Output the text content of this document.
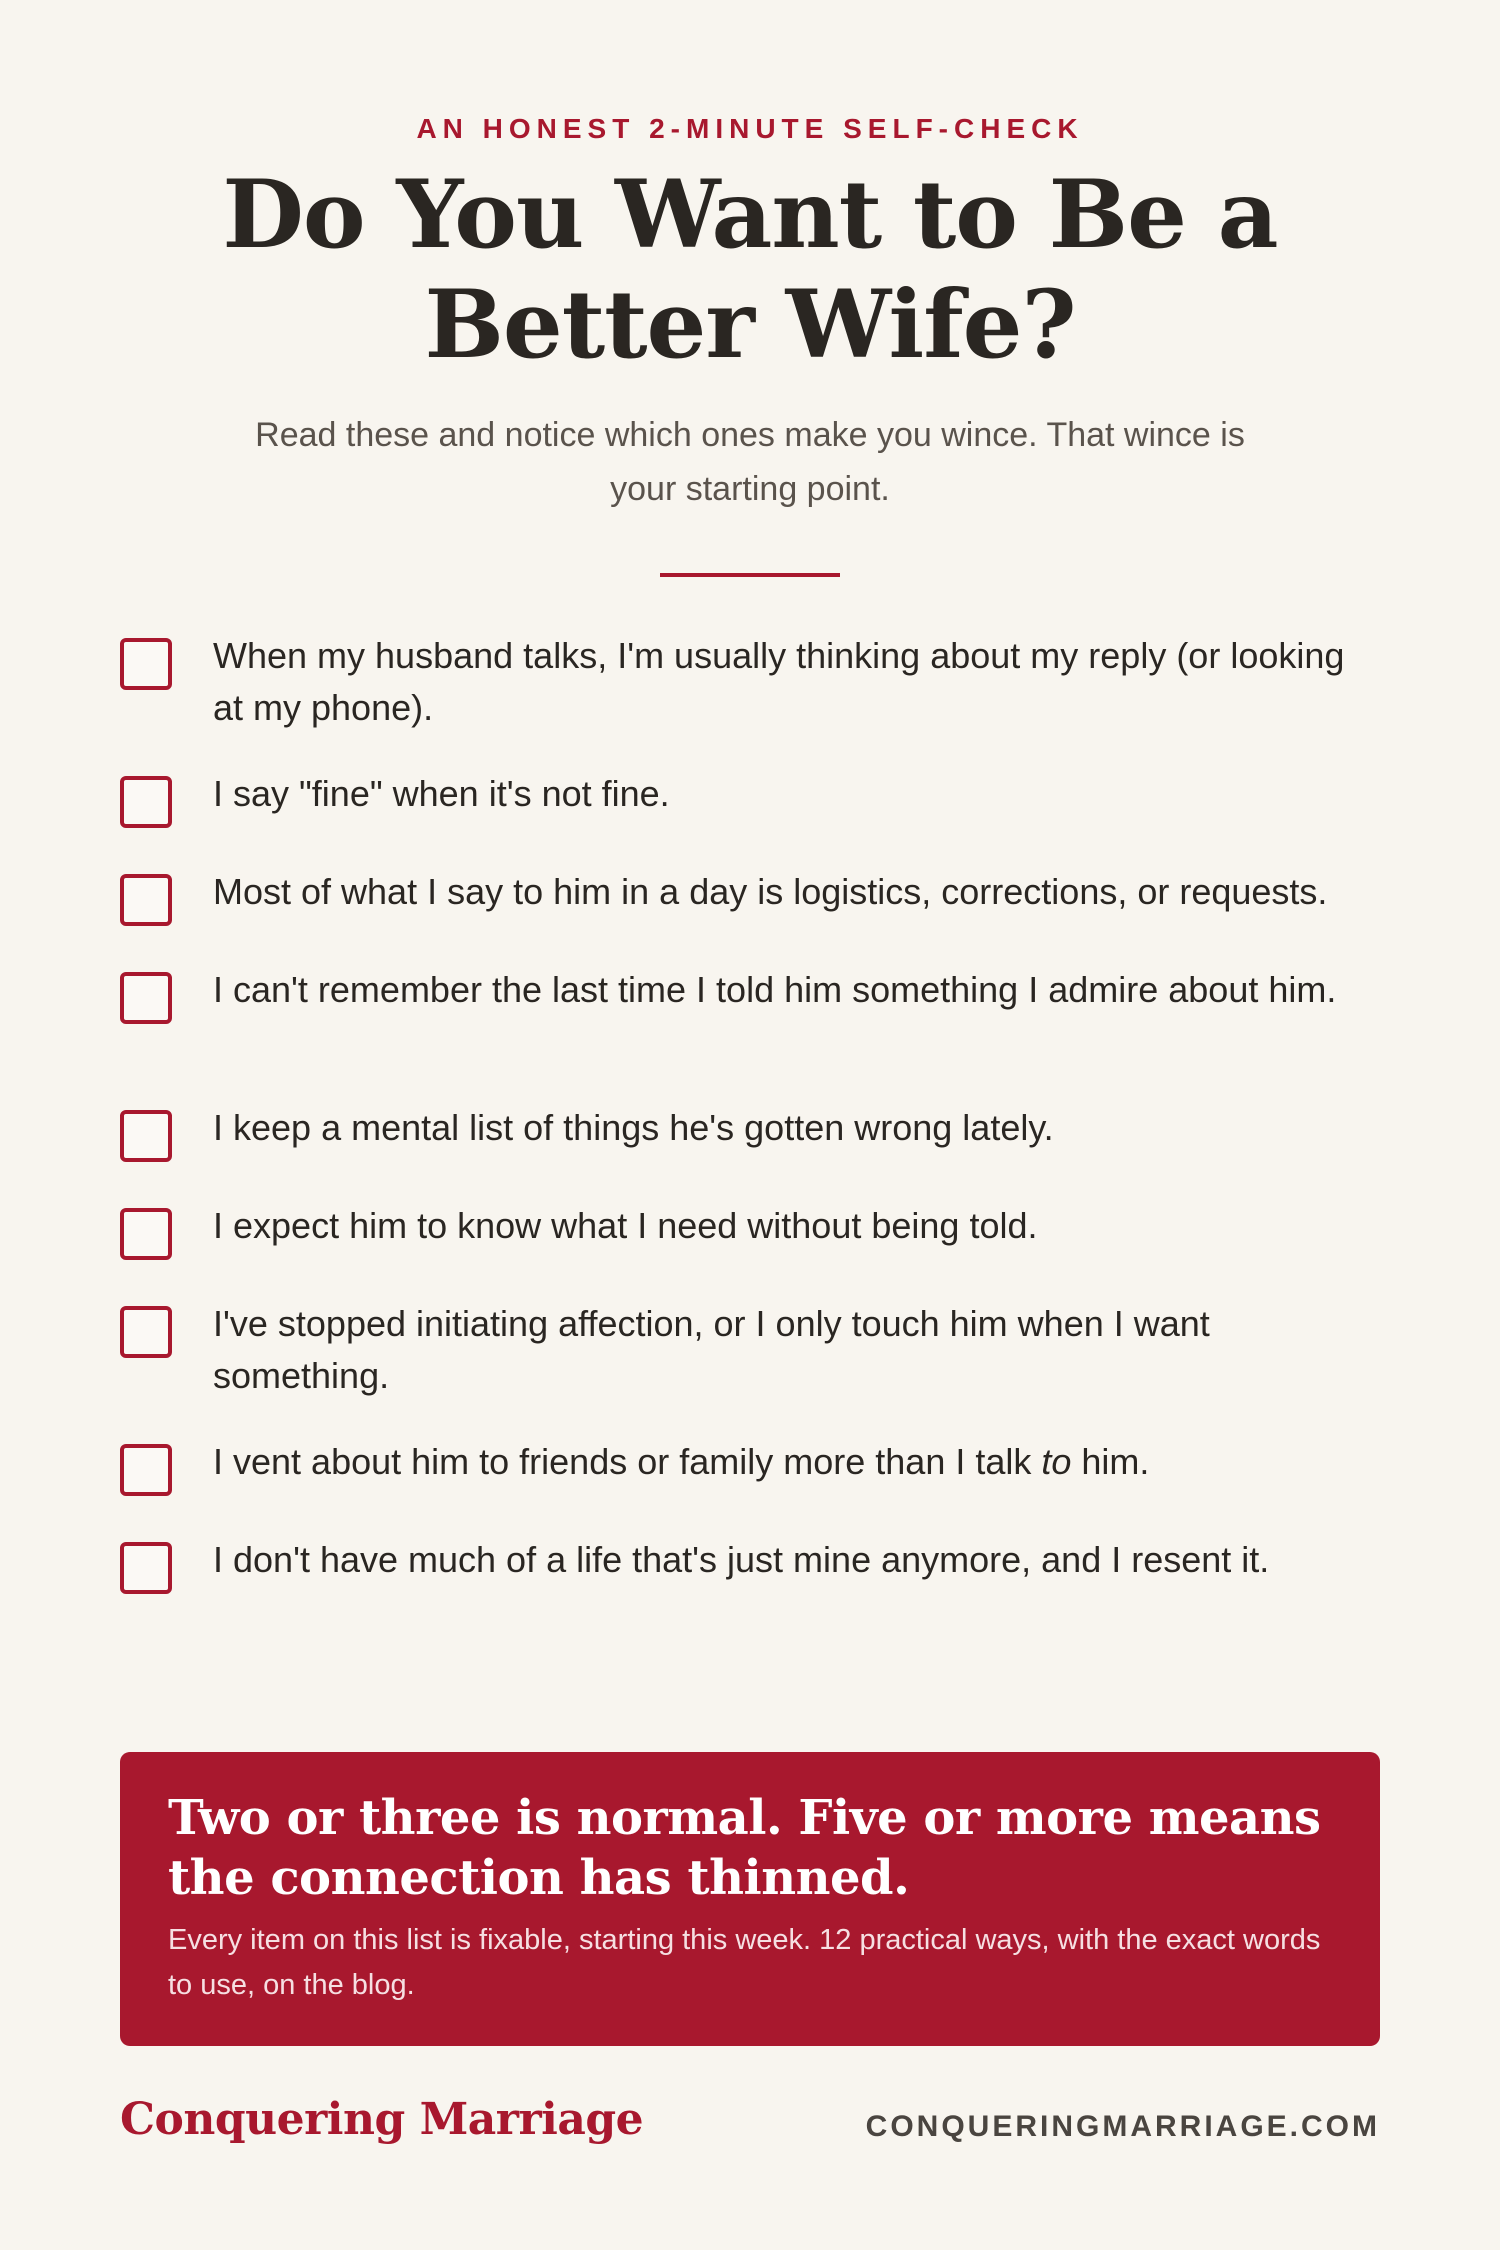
AN HONEST 2-MINUTE SELF-CHECK
Do You Want to Be a Better Wife?
Read these and notice which ones make you wince. That wince is your starting point.
When my husband talks, I'm usually thinking about my reply (or looking at my phone).
I say "fine" when it's not fine.
Most of what I say to him in a day is logistics, corrections, or requests.
I can't remember the last time I told him something I admire about him.
I keep a mental list of things he's gotten wrong lately.
I expect him to know what I need without being told.
I've stopped initiating affection, or I only touch him when I want something.
I vent about him to friends or family more than I talk to him.
I don't have much of a life that's just mine anymore, and I resent it.
Two or three is normal. Five or more means the connection has thinned.
Every item on this list is fixable, starting this week. 12 practical ways, with the exact words to use, on the blog.
Conquering Marriage	CONQUERINGMARRIAGE.COM
